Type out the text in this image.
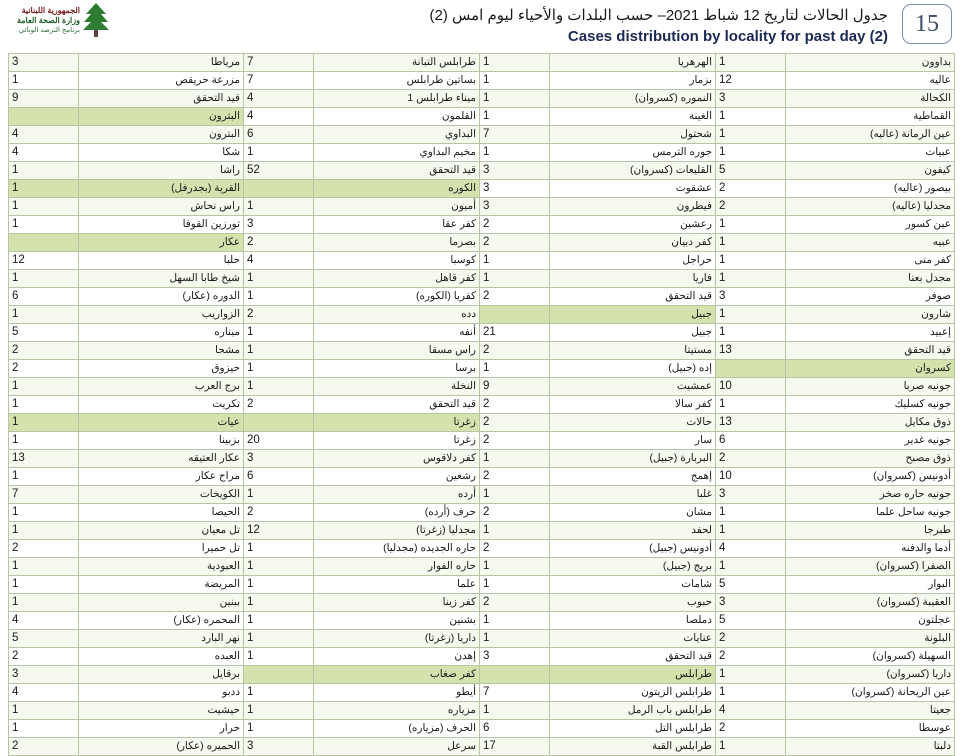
الجمهورية اللبنانية
وزارة الصحة العامة
برنامج الترصد الوبائي
جدول الحالات لتاريخ 12 شباط 2021– حسب البلدات والأحياء ليوم امس (2)
Cases distribution by locality for past day (2)	15
3	مرياطا	7	طرابلس التبانة	1	الهرهريا	1	بداوون
1	مزرعة حريقص	7	بساتين طرابلس	1	بزمار	12	عاليه
9	قيد التحقق	4	ميناء طرابلس 1	1	النموره (كسروان)	3	الكحالة
	البترون	4	القلمون	1	الغينة	1	القماطية
4	البترون	6	البداوي	7	شحتول	1	عين الرمانة (عاليه)
4	شكا	1	مخيم البداوي	1	جوره الترمس	1	عبيات
1	راشا	52	قيد التحقق	3	القليعات (كسروان)	5	كيفون
1	القرية (بجدرفل)		الكوره	3	عشقوت	2	بيصور (عاليه)
1	راس نحاش	1	أميون	3	فيطرون	2	مجدليا (عاليه)
1	تورزين القوفا	3	كفر عقا	2	رعشين	1	عين كسور
	عكار	2	بصرما	2	كفر دبيان	1	عبيه
12	حلبا	4	كوسبا	1	حراجل	1	كفر متى
1	شيخ طابا السهل	1	كفر قاهل	1	فاريا	1	مجدل بعنا
6	الدوره (عكار)	1	كفريا (الكوره)	2	قيد التحقق	3	صوفر
1	الزواريب	2	دده		جبيل	1	شارون
5	ميناره	1	أنفه	21	جبيل	1	إعبيد
2	مشحا	1	راس مسقا	2	مستيتا	13	قيد التحقق
2	حيزوق	1	برسا	1	إده (جبيل)		كسروان
1	برج العرب	1	النخلة	9	عمشيت	10	جونيه صربا
1	تكريت	2	قيد التحقق	2	كفر سالا	1	جونيه كسليك
1	عيات		زغرتا	2	حالات	13	ذوق مكايل
1	بزبينا	20	زغرتا	2	سار	6	جونيه غدير
13	عكار العتيقه	3	كفر دلاقوس	1	البربارة (جبيل)	2	ذوق مصبح
1	مراح عكار	6	رشعين	2	إهمج	10	أدونيس (كسروان)
7	الكويخات	1	أرده	1	غلبا	3	جونيه حاره صخر
1	الحيصا	2	حرف (أرده)	2	مشان	1	جونيه ساحل علما
1	تل معيان	12	مجدليا (زغرتا)	1	لحفد	1	طبرجا
2	تل حميرا	1	حاره الجديده (مجدليا)	2	أدونيس (جبيل)	4	أدما والدفنه
1	العبودية	1	حاره الفوار	1	بريج (جبيل)	1	الصفرا (كسروان)
1	المريضة	1	علما	1	شامات	5	البوار
1	ببنين	1	كفر زينا	2	حبوب	3	العقيبة (كسروان)
4	المحمره (عكار)	1	بشنين	1	دملصا	5	عجلتون
5	نهر البارد	1	داريا (زغرتا)	1	عنايات	2	البلونة
2	العبده	1	إهدن	3	قيد التحقق	2	السهيلة (كسروان)
3	برقايل		كفر صغاب		طرابلس	1	داريا (كسروان)
4	ددبو	1	أيطو	7	طرابلس الزيتون	1	عين الريحانة (كسروان)
1	حيشيت	1	مزياره	1	طرابلس باب الرمل	4	جعيتا
1	حرار	1	الحرف (مزياره)	6	طرابلس التل	2	عوسطا
2	الحميره (عكار)	3	سرعل	17	طرابلس القبة	1	دلبتا
